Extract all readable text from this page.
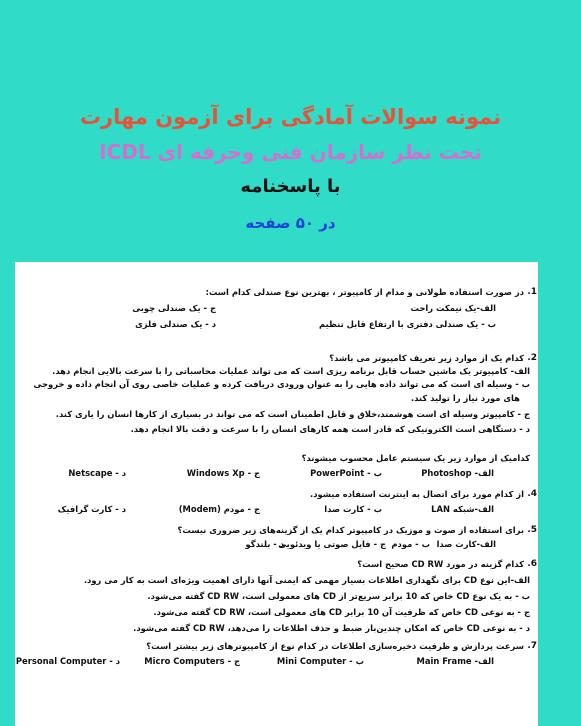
نمونه سوالات آمادگی برای آزمون مهارت
ICDL تحت نظر سازمان فنی وحرفه ای
با پاسخنامه
در ۵۰ صفحه
1.
در صورت استفاده طولانی و مدام از کامپیوتر ، بهترین نوع صندلی کدام است:
الف-یک نیمکت راحت
ج - یک صندلی چوبی
ب - یک صندلی دفتری با ارتفاع قابل تنظیم
د - یک صندلی فلزی
2.
کدام یک از موارد زیر تعریف کامپیوتر می باشد؟
الف- کامپیوتر یک ماشین حساب قابل برنامه ریزی است که می تواند عملیات محاسباتی را با سرعت بالایی انجام دهد.
ب - وسیله ای است که می تواند داده هایی را به عنوان ورودی دریافت کرده و عملیات خاصی روی آن انجام داده و خروجی
های مورد نیاز را تولید کند.
ج - کامپیوتر وسیله ای است هوشمند،خلاق و قابل اطمینان است که می تواند در بسیاری از کارها انسان را یاری کند.
د - دستگاهی است الکترونیکی که قادر است همه کارهای انسان را با سرعت و دقت بالا انجام دهد.
کدامیک از موارد زیر یک سیستم عامل محسوب میشوند؟
الف- Photoshop
ب - PowerPoint
ج - Windows Xp
د - Netscape
4.
از کدام مورد برای اتصال به اینترنت استفاده میشود.
الف-شبکه LAN
ب - کارت صدا
ج - مودم (Modem)
د - کارت گرافیک
5.
برای استفاده از صوت و موزیک در کامپیوتر کدام یک از گزینه‌های زیر ضروری نیست؟
الف-کارت صدا
ب - مودم
ج - فایل صوتی یا ویدئویی
د - بلندگو
6.
کدام گزینه در مورد CD RW صحیح است؟
الف-این نوع CD برای نگهداری اطلاعات بسیار مهمی که ایمنی آنها دارای اهمیت ویژه‌ای است به کار می رود.
ب - به یک نوع CD خاص که 10 برابر سریع‌تر از CD های معمولی است، CD RW گفته می‌شود.
ج - به نوعی CD خاص که ظرفیت آن 10 برابر CD های معمولی است، CD RW گفته می‌شود.
د - به نوعی CD خاص که امکان چندین‌بار ضبط و حذف اطلاعات را می‌دهد، CD RW گفته می‌شود.
7.
سرعت پردازش و ظرفیت ذخیره‌سازی اطلاعات در کدام نوع از کامپیوترهای زیر بیشتر است؟
الف- Main Frame
ب - Mini Computer
ج - Micro Computers
د - Personal Computer
